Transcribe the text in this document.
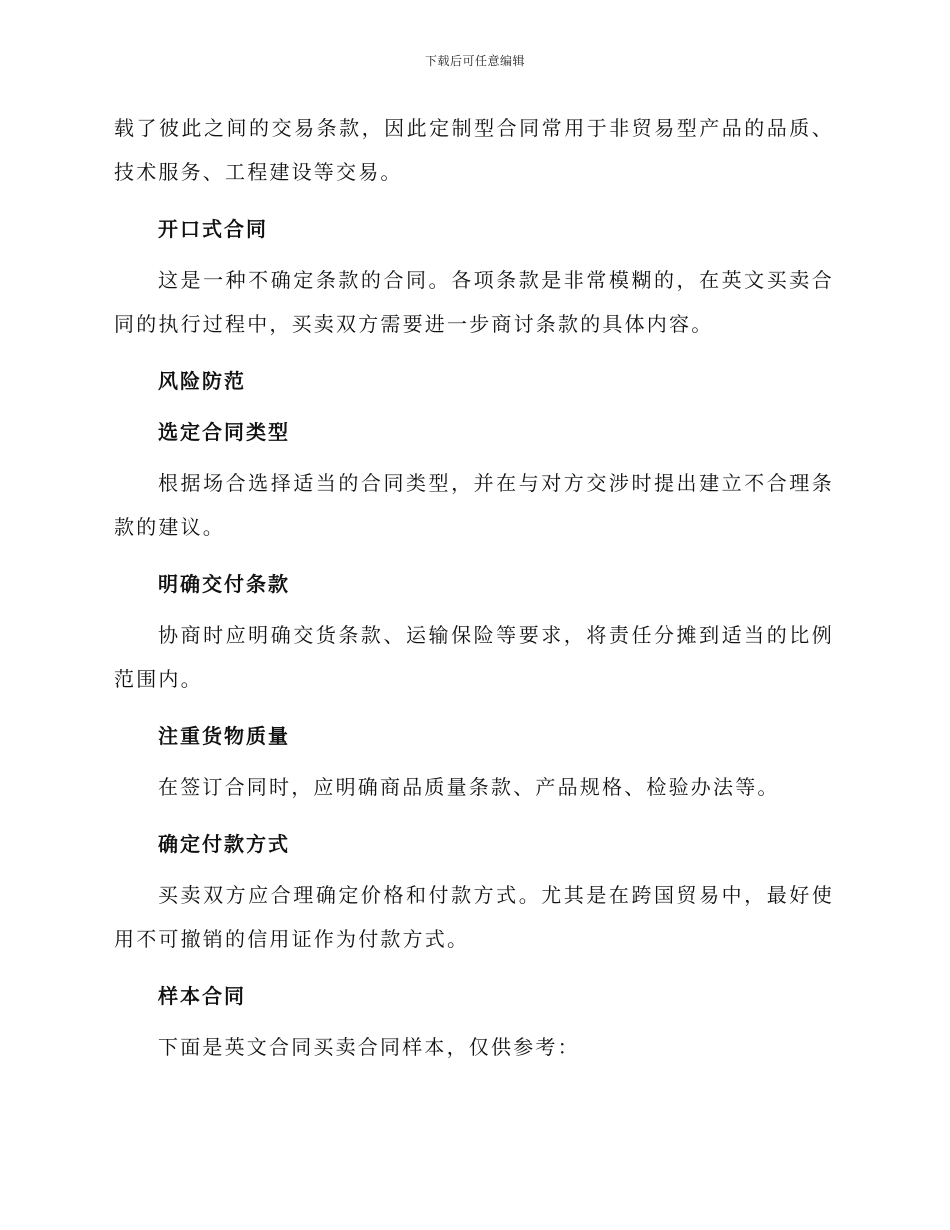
下载后可任意编辑

载了彼此之间的交易条款，因此定制型合同常用于非贸易型产品的品质、技术服务、工程建设等交易。

开口式合同

这是一种不确定条款的合同。各项条款是非常模糊的，在英文买卖合同的执行过程中，买卖双方需要进一步商讨条款的具体内容。

风险防范
选定合同类型

根据场合选择适当的合同类型，并在与对方交涉时提出建立不合理条款的建议。

明确交付条款

协商时应明确交货条款、运输保险等要求，将责任分摊到适当的比例范围内。

注重货物质量

在签订合同时，应明确商品质量条款、产品规格、检验办法等。

确定付款方式

买卖双方应合理确定价格和付款方式。尤其是在跨国贸易中，最好使用不可撤销的信用证作为付款方式。

样本合同

下面是英文合同买卖合同样本，仅供参考：
